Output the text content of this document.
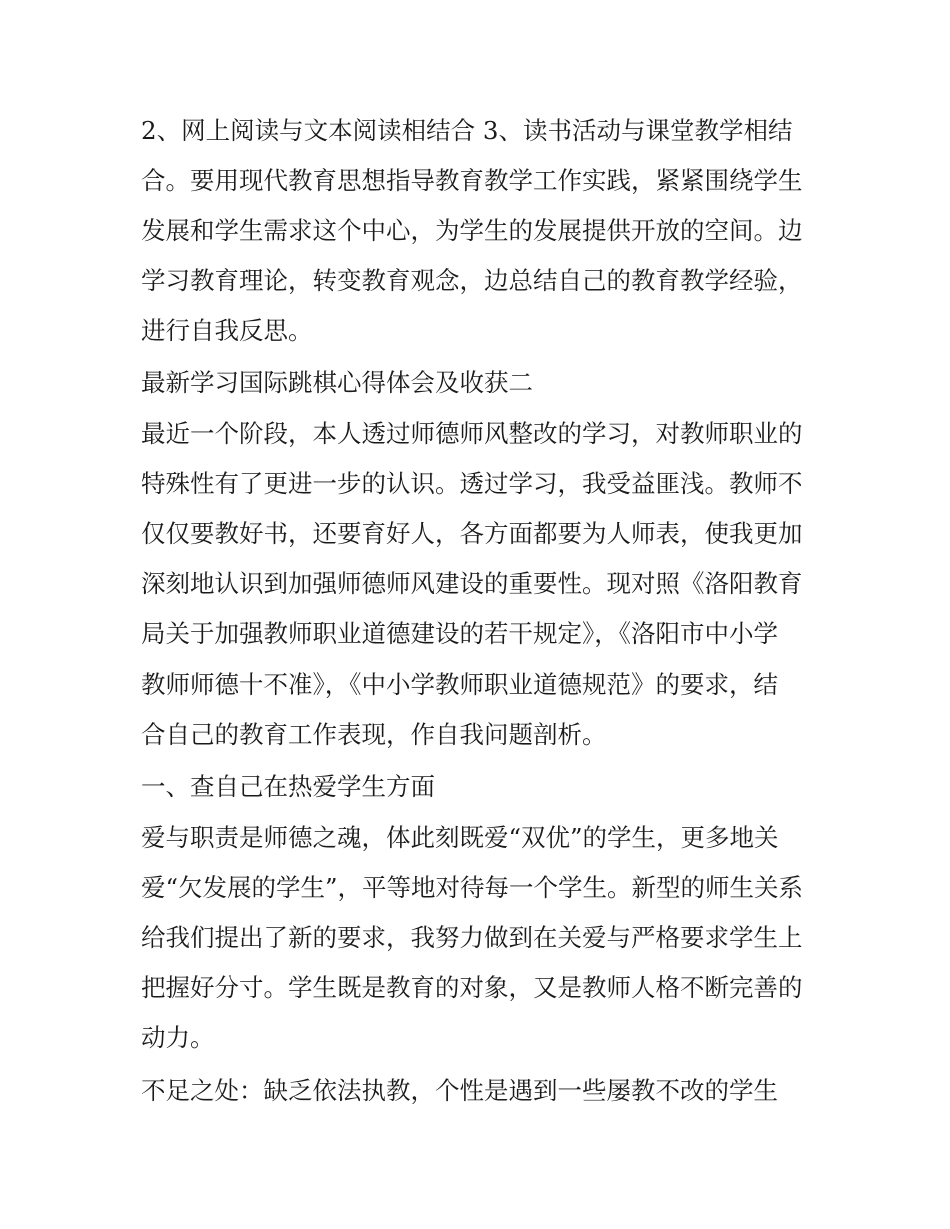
2、网上阅读与文本阅读相结合 3、读书活动与课堂教学相结
合。要用现代教育思想指导教育教学工作实践，紧紧围绕学生
发展和学生需求这个中心，为学生的发展提供开放的空间。边
学习教育理论，转变教育观念，边总结自己的教育教学经验，
进行自我反思。
最新学习国际跳棋心得体会及收获二
最近一个阶段，本人透过师德师风整改的学习，对教师职业的
特殊性有了更进一步的认识。透过学习，我受益匪浅。教师不
仅仅要教好书，还要育好人，各方面都要为人师表，使我更加
深刻地认识到加强师德师风建设的重要性。现对照《洛阳教育
局关于加强教师职业道德建设的若干规定》，《洛阳市中小学
教师师德十不准》，《中小学教师职业道德规范》的要求，结
合自己的教育工作表现，作自我问题剖析。
一、查自己在热爱学生方面
爱与职责是师德之魂，体此刻既爱“双优”的学生，更多地关
爱“欠发展的学生”，平等地对待每一个学生。新型的师生关系
给我们提出了新的要求，我努力做到在关爱与严格要求学生上
把握好分寸。学生既是教育的对象，又是教师人格不断完善的
动力。
不足之处：缺乏依法执教，个性是遇到一些屡教不改的学生
